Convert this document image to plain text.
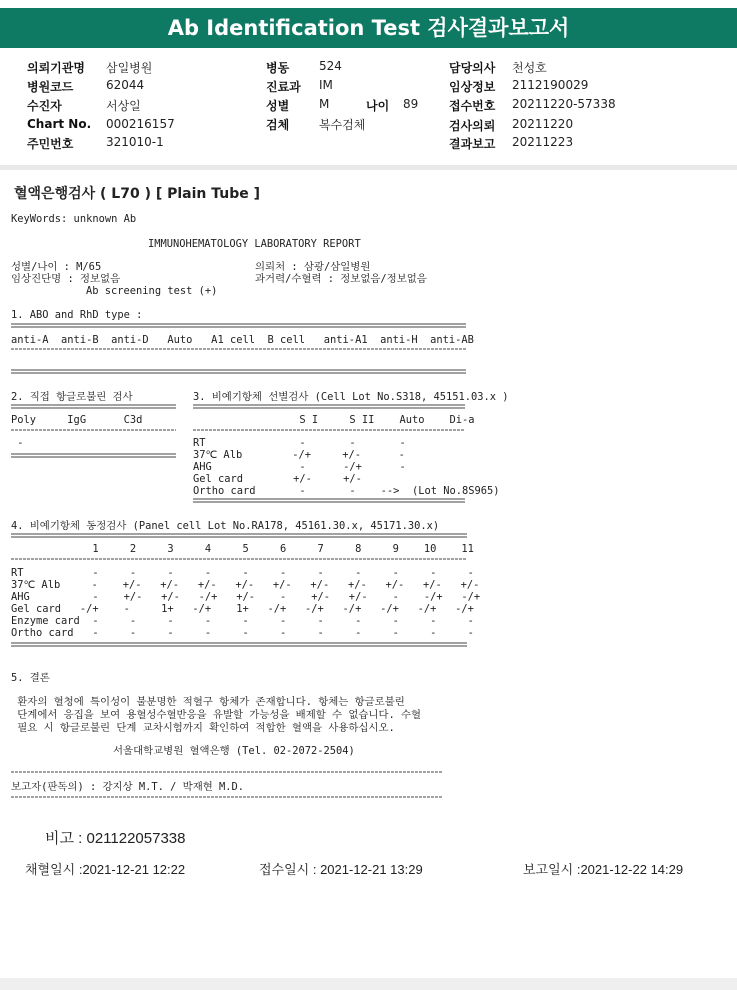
Ab Identification Test 검사결과보고서
의뢰기관명 삼일병원
병원코드	62044
수진자	서상일
Chart No. 000216157
주민번호	321010-1
병동 524
진료과 IM
성별 M	나이 89
검체 복수검체
담당의사 천성호
임상정보 2112190029
접수번호 20211220-57338
검사의뢰 20211220
결과보고 20211223
혈액은행검사 ( L70 ) [ Plain Tube ]
KeyWords: unknown Ab
IMMUNOHEMATOLOGY LABORATORY REPORT
성별/나이 : M/65
임상진단명 : 정보없음
의뢰처 : 삼광/삼일병원
과거력/수혈력 : 정보없음/정보없음
Ab screening test (+)
1. ABO and RhD type :
anti-A  anti-B  anti-D   Auto   A1 cell  B cell   anti-A1  anti-H  anti-AB
2. 직접 항글로불린 검사
Poly     IgG      C3d
-
3. 비예기항체 선별검사 (Cell Lot No.S318, 45151.03.x )
S I     S II    Auto    Di-a
RT               -       -       -
37℃ Alb        -/+     +/-      -
AHG              -      -/+      -
Gel card        +/-     +/-
Ortho card       -       -    -->  (Lot No.8S965)
4. 비예기항체 동정검사 (Panel cell Lot No.RA178, 45161.30.x, 45171.30.x)
1     2     3     4     5     6     7     8     9    10    11
RT           -     -     -     -     -     -     -     -     -     -     -
37℃ Alb     -    +/-   +/-   +/-   +/-   +/-   +/-   +/-   +/-   +/-   +/-
AHG          -    +/-   +/-   -/+   +/-    -    +/-   +/-    -    -/+   -/+
Gel card   -/+    -     1+   -/+    1+   -/+   -/+   -/+   -/+   -/+   -/+
Enzyme card  -     -     -     -     -     -     -     -     -     -     -
Ortho card   -     -     -     -     -     -     -     -     -     -     -
5. 결론
환자의 혈청에 특이성이 불분명한 적혈구 항체가 존재합니다. 항체는 항글로불린
단계에서 응집을 보여 용혈성수혈반응을 유발할 가능성을 배제할 수 없습니다. 수혈
필요 시 항글로불린 단계 교차시험까지 확인하여 적합한 혈액을 사용하십시오.
서울대학교병원 혈액은행 (Tel. 02-2072-2504)
보고자(판독의) : 강지상 M.T. / 박재현 M.D.
비고 : 021122057338
채혈일시 :2021-12-21 12:22	접수일시 : 2021-12-21 13:29	보고일시 :2021-12-22 14:29
